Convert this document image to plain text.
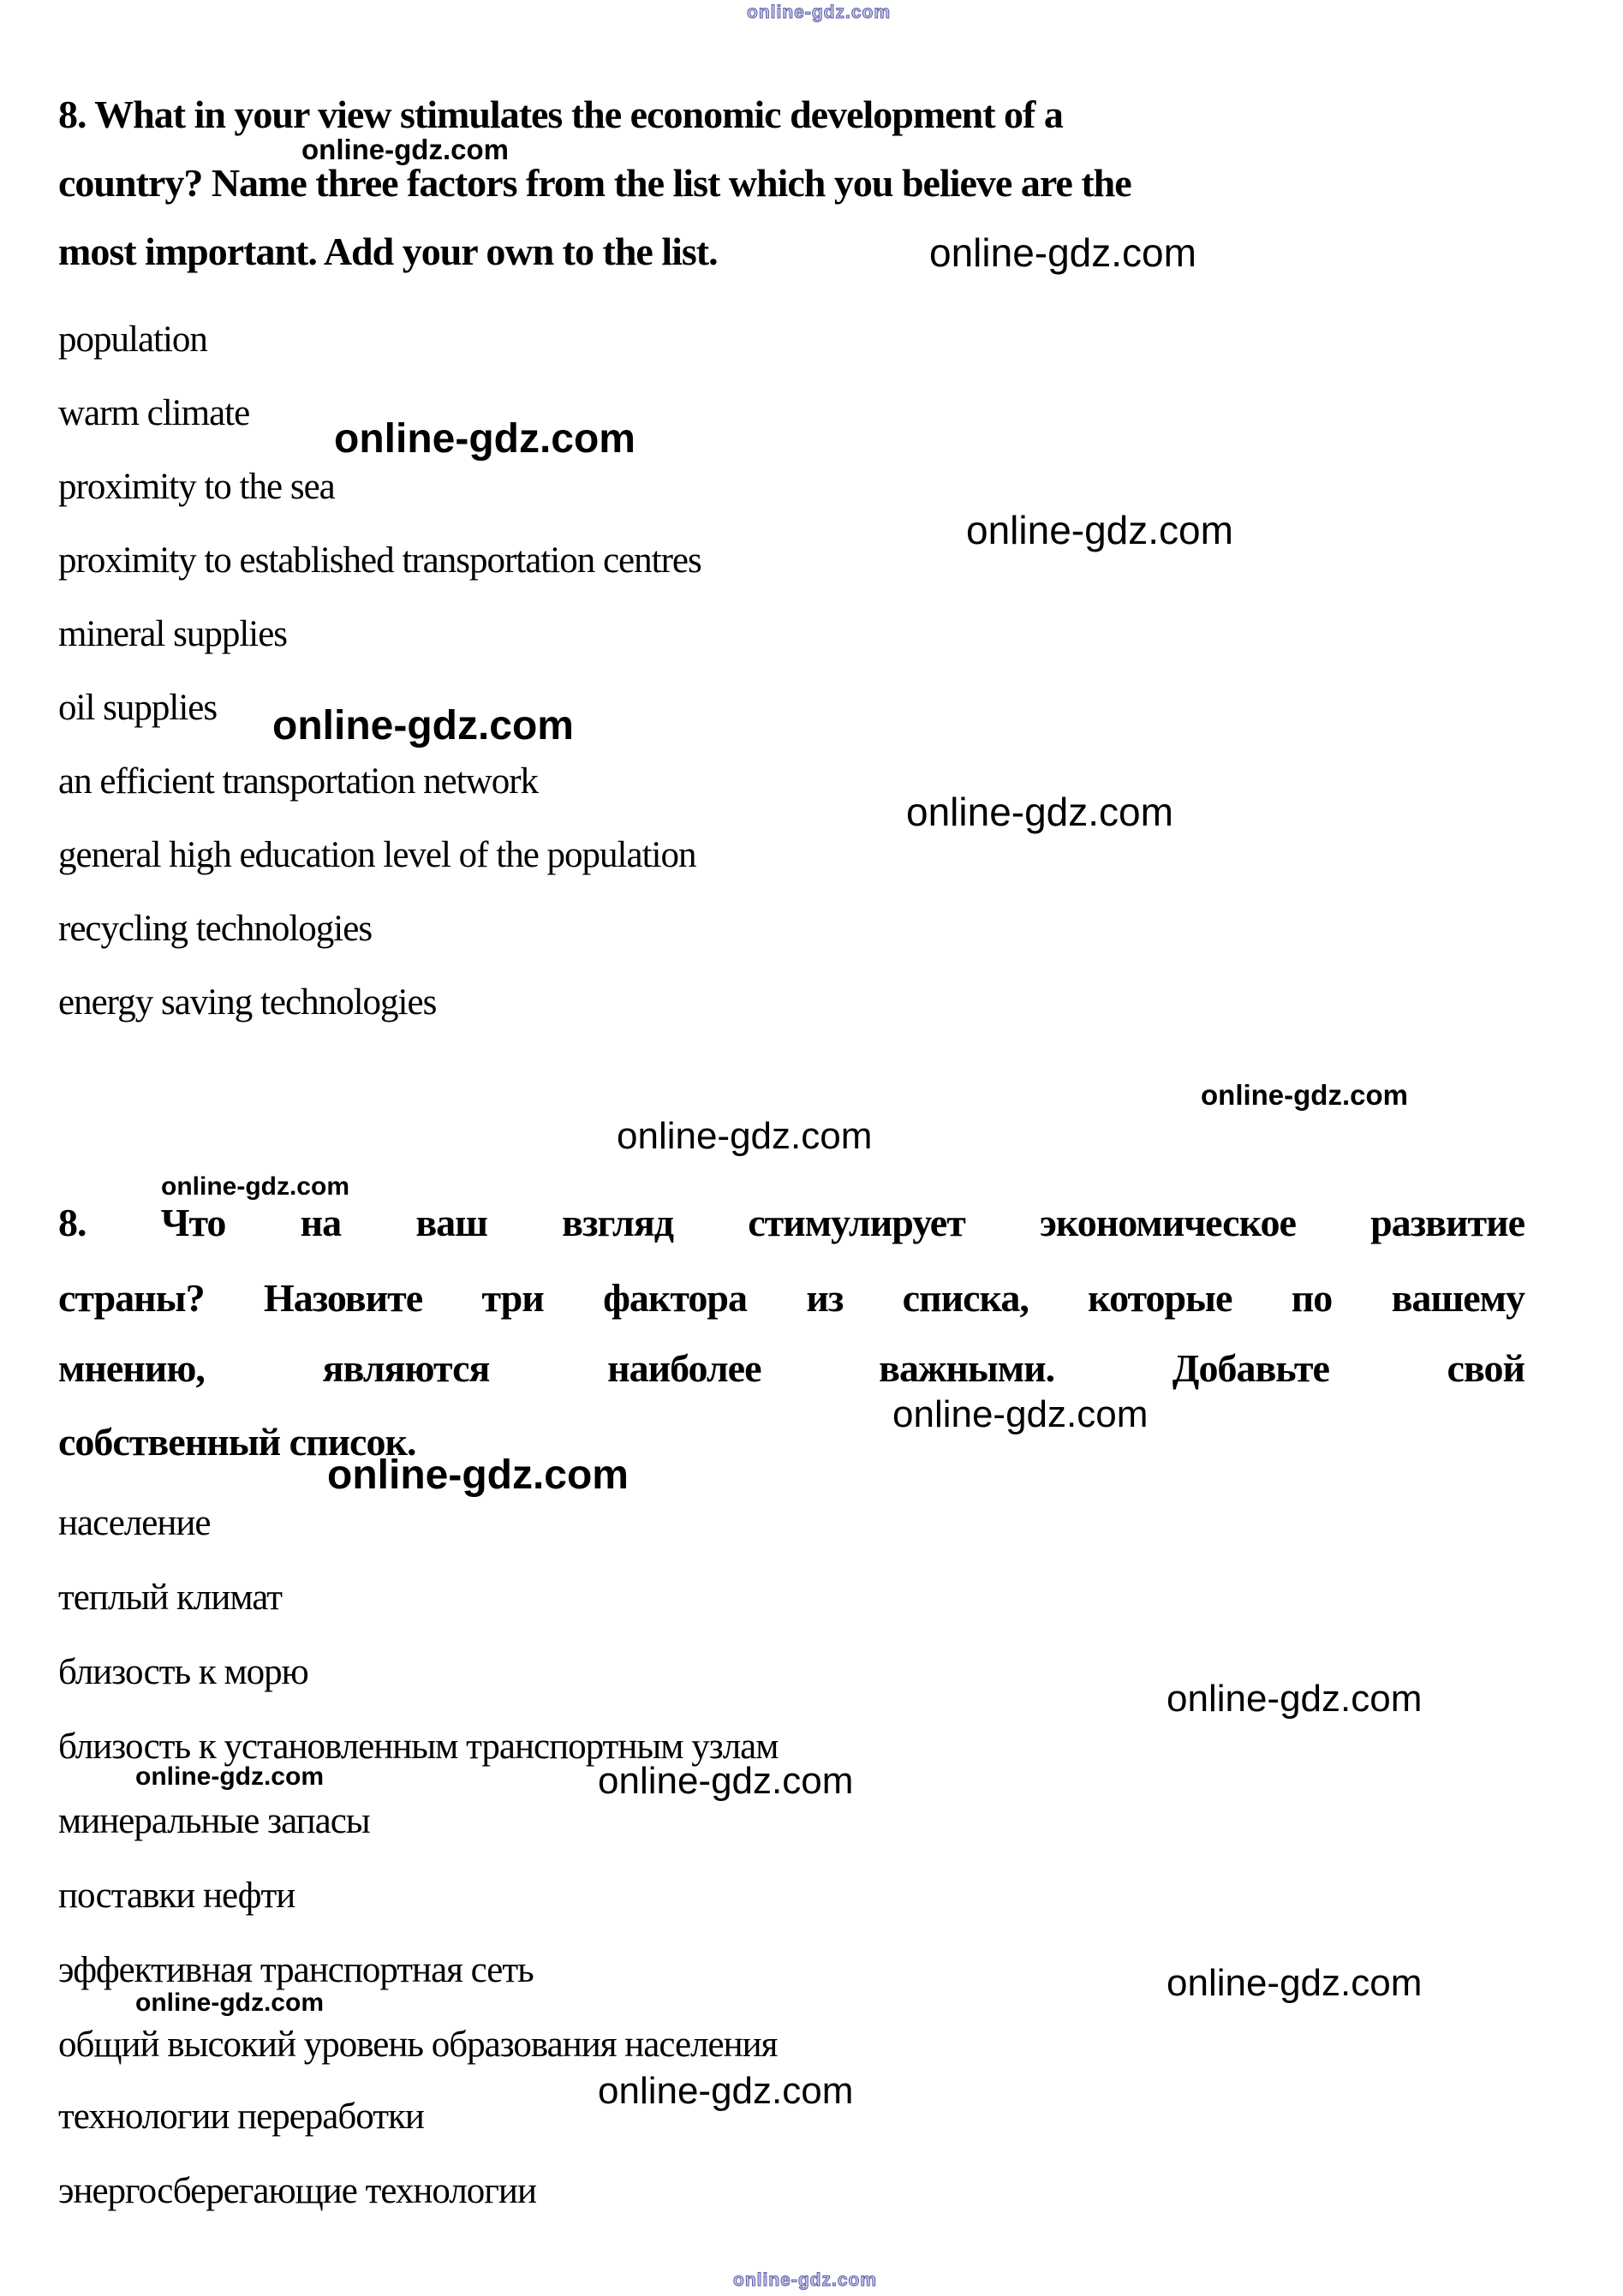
online-gdz.com
8. What in your view stimulates the economic development of a
country? Name three factors from the list which you believe are the
most important. Add your own to the list.
online-gdz.com
online-gdz.com
population
warm climate
proximity to the sea
proximity to established transportation centres
mineral supplies
oil supplies
an efficient transportation network
general high education level of the population
recycling technologies
energy saving technologies
online-gdz.com
online-gdz.com
online-gdz.com
online-gdz.com
online-gdz.com
online-gdz.com
online-gdz.com
8. Что на ваш взгляд стимулирует экономическое развитие
страны? Назовите три фактора из списка, которые по вашему
мнению, являются наиболее важными. Добавьте свой
собственный список.
online-gdz.com
online-gdz.com
население
теплый климат
близость к морю
близость к установленным транспортным узлам
минеральные запасы
поставки нефти
эффективная транспортная сеть
общий высокий уровень образования населения
технологии переработки
энергосберегающие технологии
online-gdz.com
online-gdz.com	online-gdz.com
online-gdz.com
online-gdz.com
online-gdz.com
online-gdz.com
